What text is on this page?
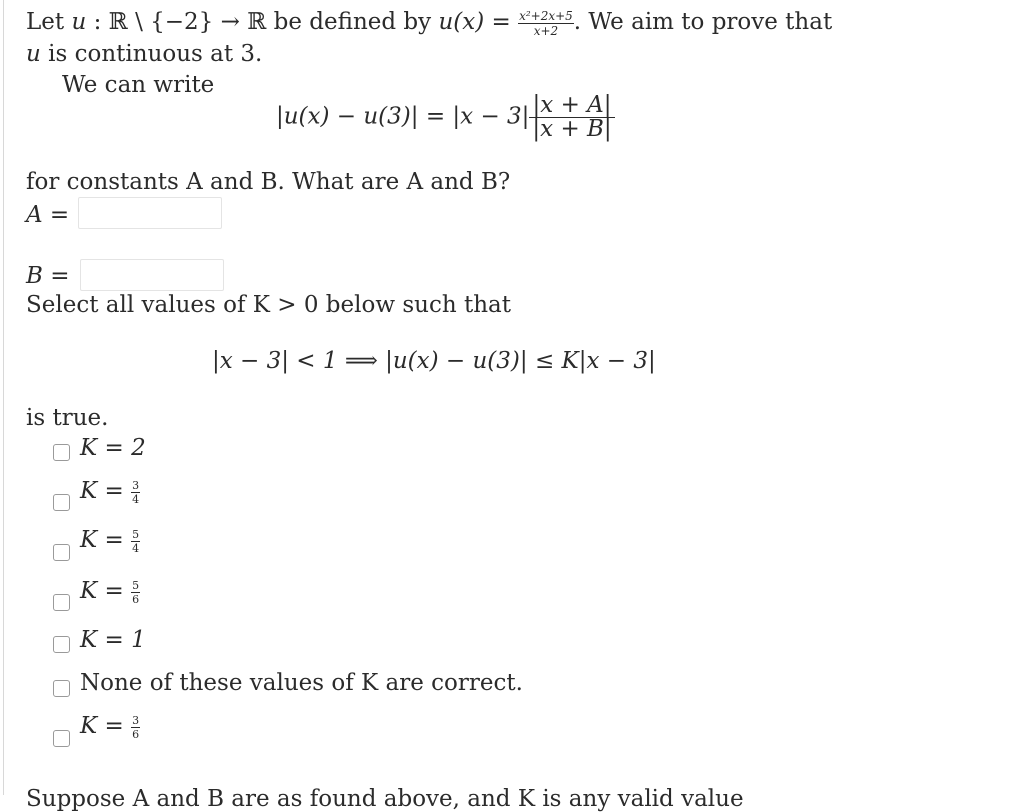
Let u : ℝ \ {−2} → ℝ be defined by $u(x) = \frac{\text{x²+2x+5}}{x+2}$ . We aim to prove that
u is continuous at 3.
We can write
$|u(x) - u(3)| = |x - 3| \frac{|x + A|}{|x + B|}$
for constants A and B. What are A and B?
A =
B =
Select all values of K > 0 below such that
|x − 3| < 1 ⟹ |u(x) − u(3)| ≤ K|x − 3|
is true.
K = 2
$K = \frac{3}{4}$
$K = \frac{5}{4}$
$K = \frac{5}{6}$
K = 1
None of these values of K are correct.
$K = \frac{3}{6}$
Suppose A and B are as found above, and K is any valid value
